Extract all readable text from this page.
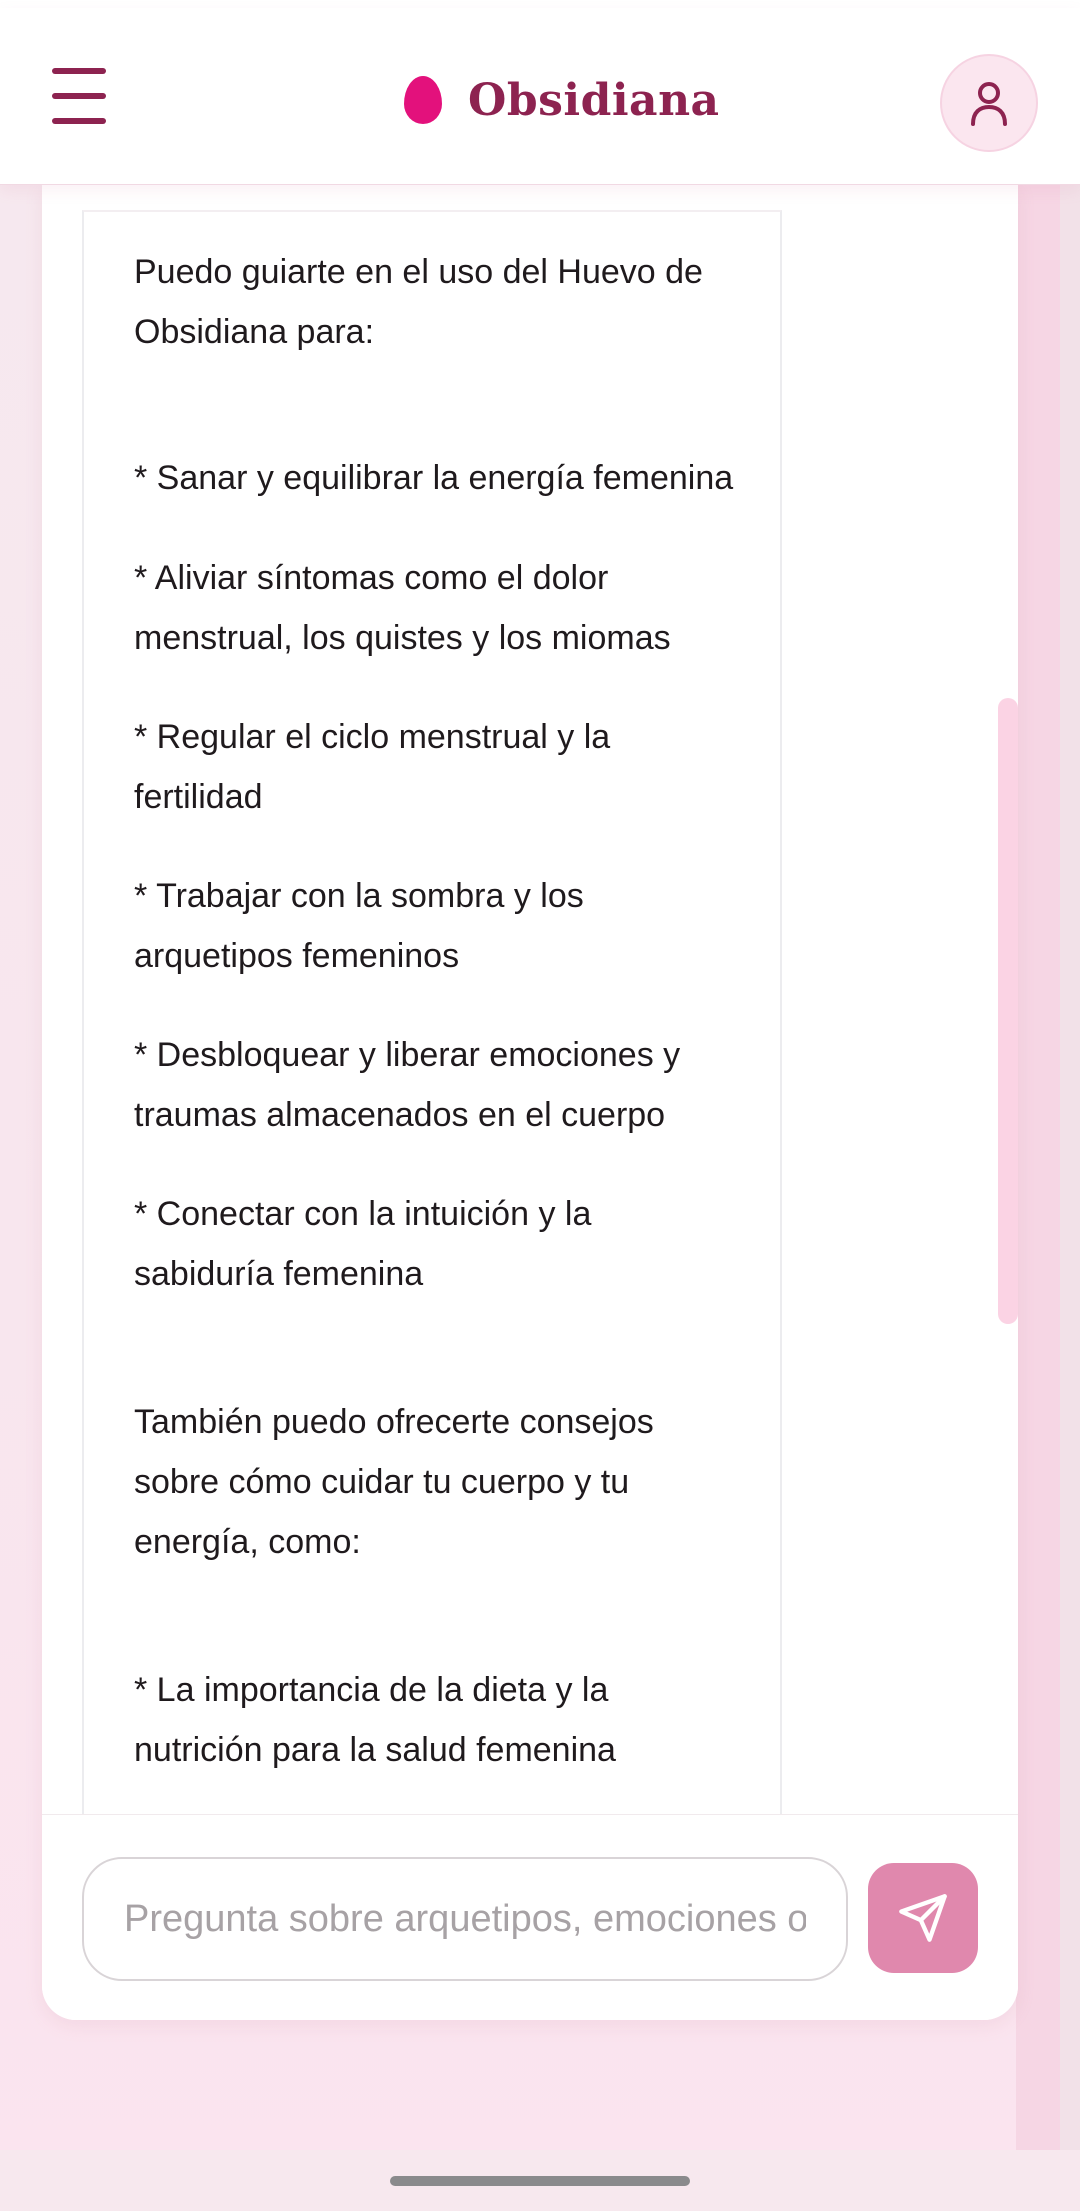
Obsidiana

Puedo guiarte en el uso del Huevo de Obsidiana para:

* Sanar y equilibrar la energía femenina

* Aliviar síntomas como el dolor menstrual, los quistes y los miomas

* Regular el ciclo menstrual y la fertilidad

* Trabajar con la sombra y los arquetipos femeninos

* Desbloquear y liberar emociones y traumas almacenados en el cuerpo

* Conectar con la intuición y la sabiduría femenina

También puedo ofrecerte consejos sobre cómo cuidar tu cuerpo y tu energía, como:

* La importancia de la dieta y la nutrición para la salud femenina

Pregunta sobre arquetipos, emociones o...
